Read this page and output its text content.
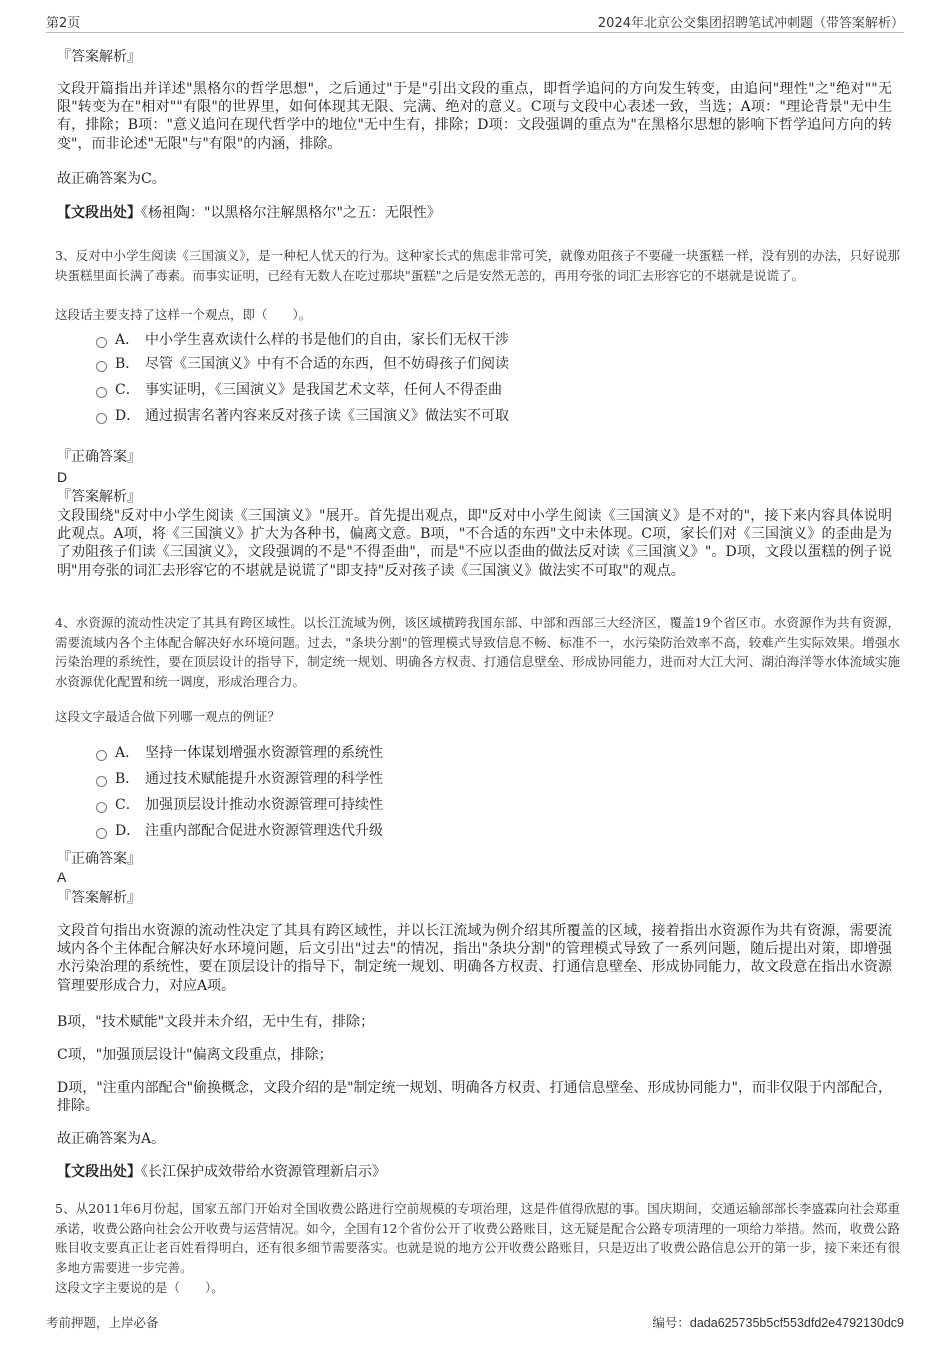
第2页	2024年北京公交集团招聘笔试冲刺题（带答案解析）
『答案解析』
文段开篇指出并详述"黑格尔的哲学思想"，之后通过"于是"引出文段的重点，即哲学追问的方向发生转变，由追问"理性"之"绝对""无限"转变为在"相对""有限"的世界里，如何体现其无限、完满、绝对的意义。C项与文段中心表述一致，当选；A项："理论背景"无中生有，排除；B项："意义追问在现代哲学中的地位"无中生有，排除；D项：文段强调的重点为"在黑格尔思想的影响下哲学追问方向的转变"，而非论述"无限"与"有限"的内涵，排除。
故正确答案为C。
【文段出处】《杨祖陶："以黑格尔注解黑格尔"之五：无限性》
3、反对中小学生阅读《三国演义》，是一种杞人忧天的行为。这种家长式的焦虑非常可笑，就像劝阻孩子不要碰一块蛋糕一样，没有别的办法，只好说那块蛋糕里面长满了毒素。而事实证明，已经有无数人在吃过那块"蛋糕"之后是安然无恙的，再用夸张的词汇去形容它的不堪就是说谎了。
这段话主要支持了这样一个观点，即（　　）。
A． 中小学生喜欢读什么样的书是他们的自由，家长们无权干涉
B． 尽管《三国演义》中有不合适的东西，但不妨碍孩子们阅读
C． 事实证明，《三国演义》是我国艺术文萃，任何人不得歪曲
D． 通过损害名著内容来反对孩子读《三国演义》做法实不可取
『正确答案』
D
『答案解析』
文段围绕"反对中小学生阅读《三国演义》"展开。首先提出观点，即"反对中小学生阅读《三国演义》是不对的"，接下来内容具体说明此观点。A项，将《三国演义》扩大为各种书，偏离文意。B项，"不合适的东西"文中未体现。C项，家长们对《三国演义》的歪曲是为了劝阻孩子们读《三国演义》，文段强调的不是"不得歪曲"，而是"不应以歪曲的做法反对读《三国演义》"。D项，文段以蛋糕的例子说明"用夸张的词汇去形容它的不堪就是说谎了"即支持"反对孩子读《三国演义》做法实不可取"的观点。
4、水资源的流动性决定了其具有跨区域性。以长江流域为例，该区域横跨我国东部、中部和西部三大经济区，覆盖19个省区市。水资源作为共有资源，需要流域内各个主体配合解决好水环境问题。过去，"条块分割"的管理模式导致信息不畅、标准不一，水污染防治效率不高，较难产生实际效果。增强水污染治理的系统性，要在顶层设计的指导下，制定统一规划、明确各方权责、打通信息壁垒、形成协同能力，进而对大江大河、湖泊海洋等水体流域实施水资源优化配置和统一调度，形成治理合力。
这段文字最适合做下列哪一观点的例证？
A． 坚持一体谋划增强水资源管理的系统性
B． 通过技术赋能提升水资源管理的科学性
C． 加强顶层设计推动水资源管理可持续性
D． 注重内部配合促进水资源管理迭代升级
『正确答案』
A
『答案解析』
文段首句指出水资源的流动性决定了其具有跨区域性，并以长江流域为例介绍其所覆盖的区域，接着指出水资源作为共有资源，需要流域内各个主体配合解决好水环境问题，后文引出"过去"的情况，指出"条块分割"的管理模式导致了一系列问题，随后提出对策，即增强水污染治理的系统性，要在顶层设计的指导下，制定统一规划、明确各方权责、打通信息壁垒、形成协同能力，故文段意在指出水资源管理要形成合力，对应A项。
B项，"技术赋能"文段并未介绍，无中生有，排除；
C项，"加强顶层设计"偏离文段重点，排除；
D项，"注重内部配合"偷换概念，文段介绍的是"制定统一规划、明确各方权责、打通信息壁垒、形成协同能力"，而非仅限于内部配合，排除。
故正确答案为A。
【文段出处】《长江保护成效带给水资源管理新启示》
5、从2011年6月份起，国家五部门开始对全国收费公路进行空前规模的专项治理，这是件值得欣慰的事。国庆期间，交通运输部部长李盛霖向社会郑重承诺，收费公路向社会公开收费与运营情况。如今，全国有12个省份公开了收费公路账目，这无疑是配合公路专项清理的一项给力举措。然而，收费公路账目收支要真正让老百姓看得明白，还有很多细节需要落实。也就是说的地方公开收费公路账目，只是迈出了收费公路信息公开的第一步，接下来还有很多地方需要进一步完善。
这段文字主要说的是（　　）。
考前押题，上岸必备	编号：dada625735b5cf553dfd2e4792130dc9
